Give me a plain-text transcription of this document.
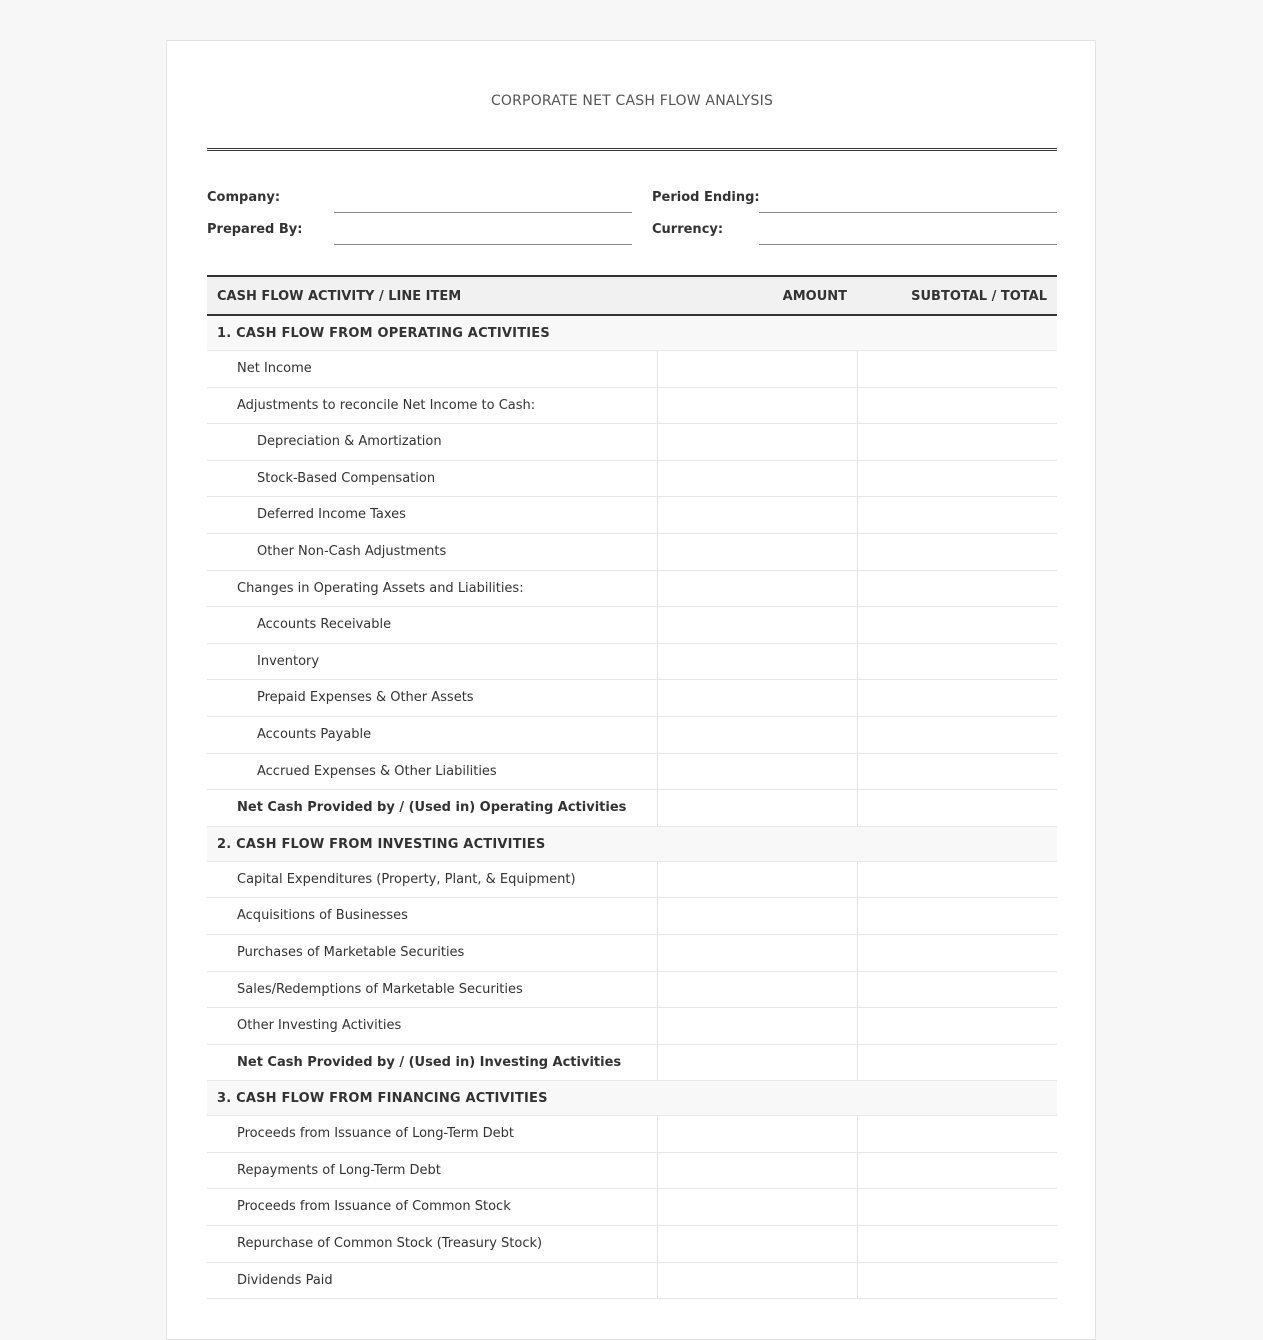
CORPORATE NET CASH FLOW ANALYSIS
Company:
Prepared By:
Period Ending:
Currency:
CASH FLOW ACTIVITY / LINE ITEM	AMOUNT	SUBTOTAL / TOTAL
1. CASH FLOW FROM OPERATING ACTIVITIES
Net Income
Adjustments to reconcile Net Income to Cash:
Depreciation & Amortization
Stock-Based Compensation
Deferred Income Taxes
Other Non-Cash Adjustments
Changes in Operating Assets and Liabilities:
Accounts Receivable
Inventory
Prepaid Expenses & Other Assets
Accounts Payable
Accrued Expenses & Other Liabilities
Net Cash Provided by / (Used in) Operating Activities
2. CASH FLOW FROM INVESTING ACTIVITIES
Capital Expenditures (Property, Plant, & Equipment)
Acquisitions of Businesses
Purchases of Marketable Securities
Sales/Redemptions of Marketable Securities
Other Investing Activities
Net Cash Provided by / (Used in) Investing Activities
3. CASH FLOW FROM FINANCING ACTIVITIES
Proceeds from Issuance of Long-Term Debt
Repayments of Long-Term Debt
Proceeds from Issuance of Common Stock
Repurchase of Common Stock (Treasury Stock)
Dividends Paid
